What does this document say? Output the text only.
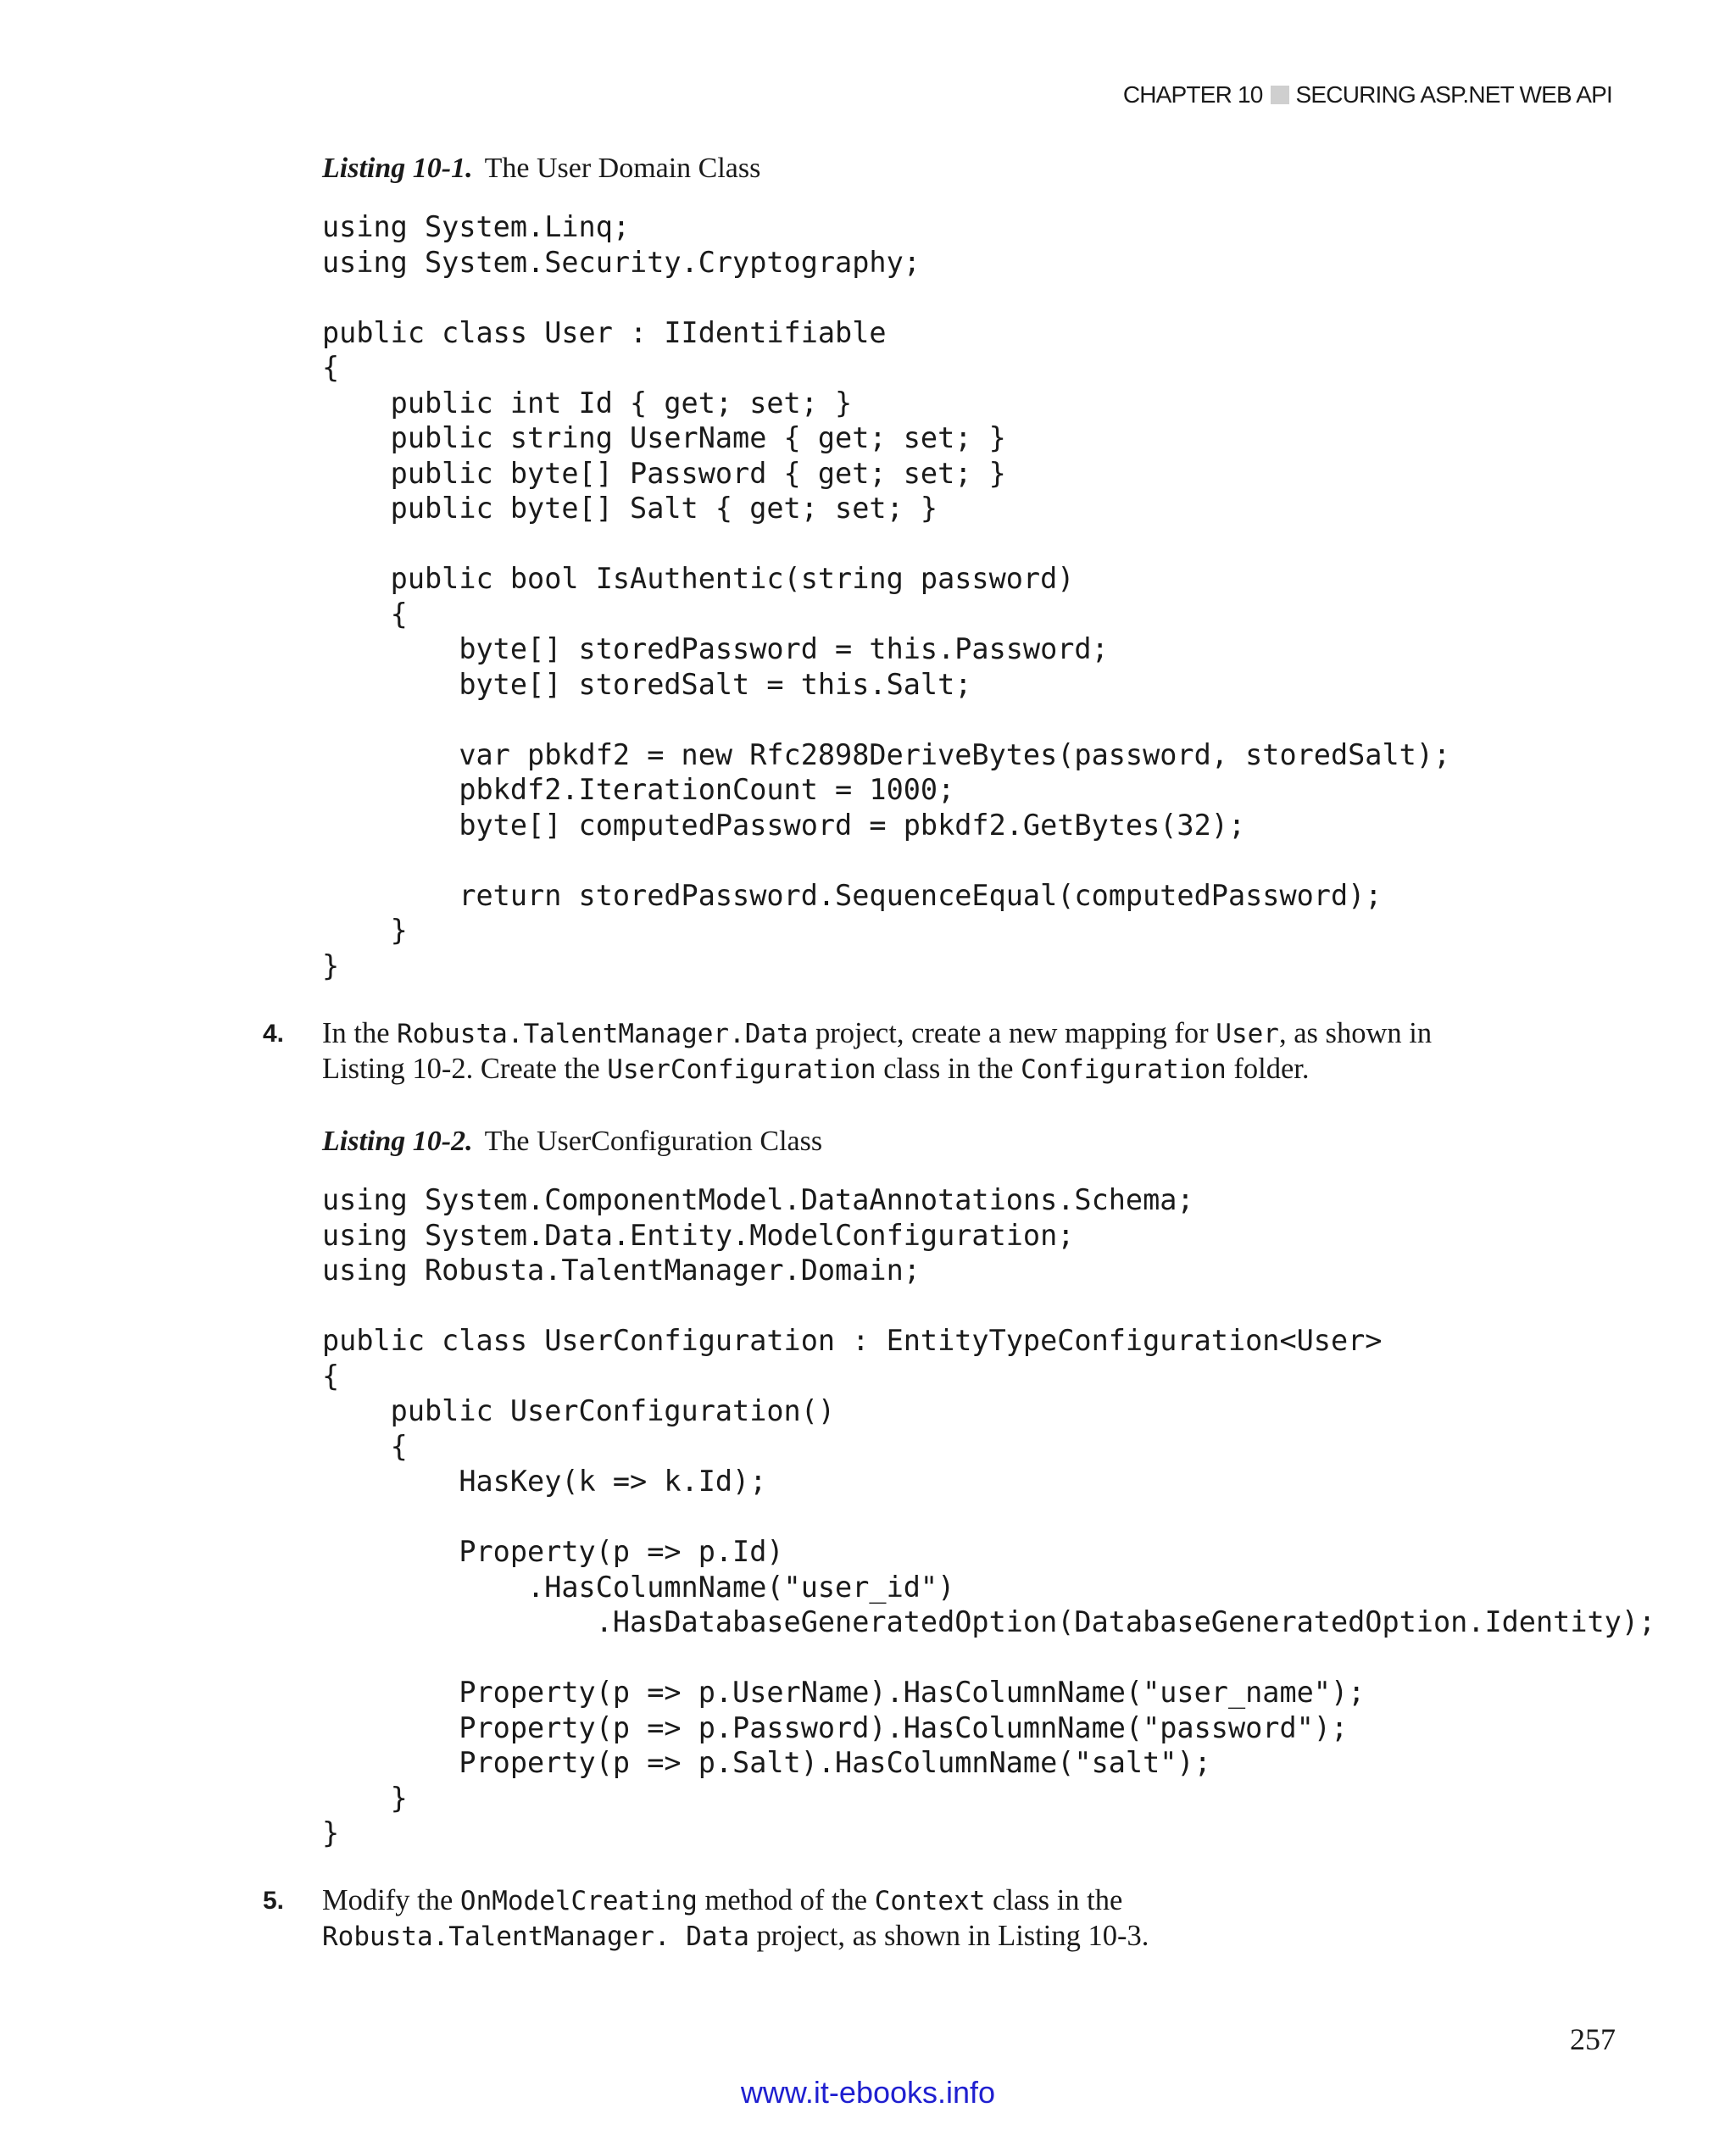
CHAPTER 10 SECURING ASP.NET WEB API
Listing 10-1. The User Domain Class
using System.Linq;
using System.Security.Cryptography;

public class User : IIdentifiable
{
public int Id { get; set; }
public string UserName { get; set; }
public byte[] Password { get; set; }
public byte[] Salt { get; set; }

public bool IsAuthentic(string password)
{
byte[] storedPassword = this.Password;
byte[] storedSalt = this.Salt;

var pbkdf2 = new Rfc2898DeriveBytes(password, storedSalt);
pbkdf2.IterationCount = 1000;
byte[] computedPassword = pbkdf2.GetBytes(32);

return storedPassword.SequenceEqual(computedPassword);
}
}
4. In the Robusta.TalentManager.Data project, create a new mapping for User, as shown in Listing 10-2. Create the UserConfiguration class in the Configuration folder.
Listing 10-2. The UserConfiguration Class
using System.ComponentModel.DataAnnotations.Schema;
using System.Data.Entity.ModelConfiguration;
using Robusta.TalentManager.Domain;

public class UserConfiguration : EntityTypeConfiguration<User>
{
public UserConfiguration()
{
HasKey(k => k.Id);

Property(p => p.Id)
.HasColumnName("user_id")
.HasDatabaseGeneratedOption(DatabaseGeneratedOption.Identity);

Property(p => p.UserName).HasColumnName("user_name");
Property(p => p.Password).HasColumnName("password");
Property(p => p.Salt).HasColumnName("salt");
}
}
5. Modify the OnModelCreating method of the Context class in the Robusta.TalentManager. Data project, as shown in Listing 10-3.
257
www.it-ebooks.info
